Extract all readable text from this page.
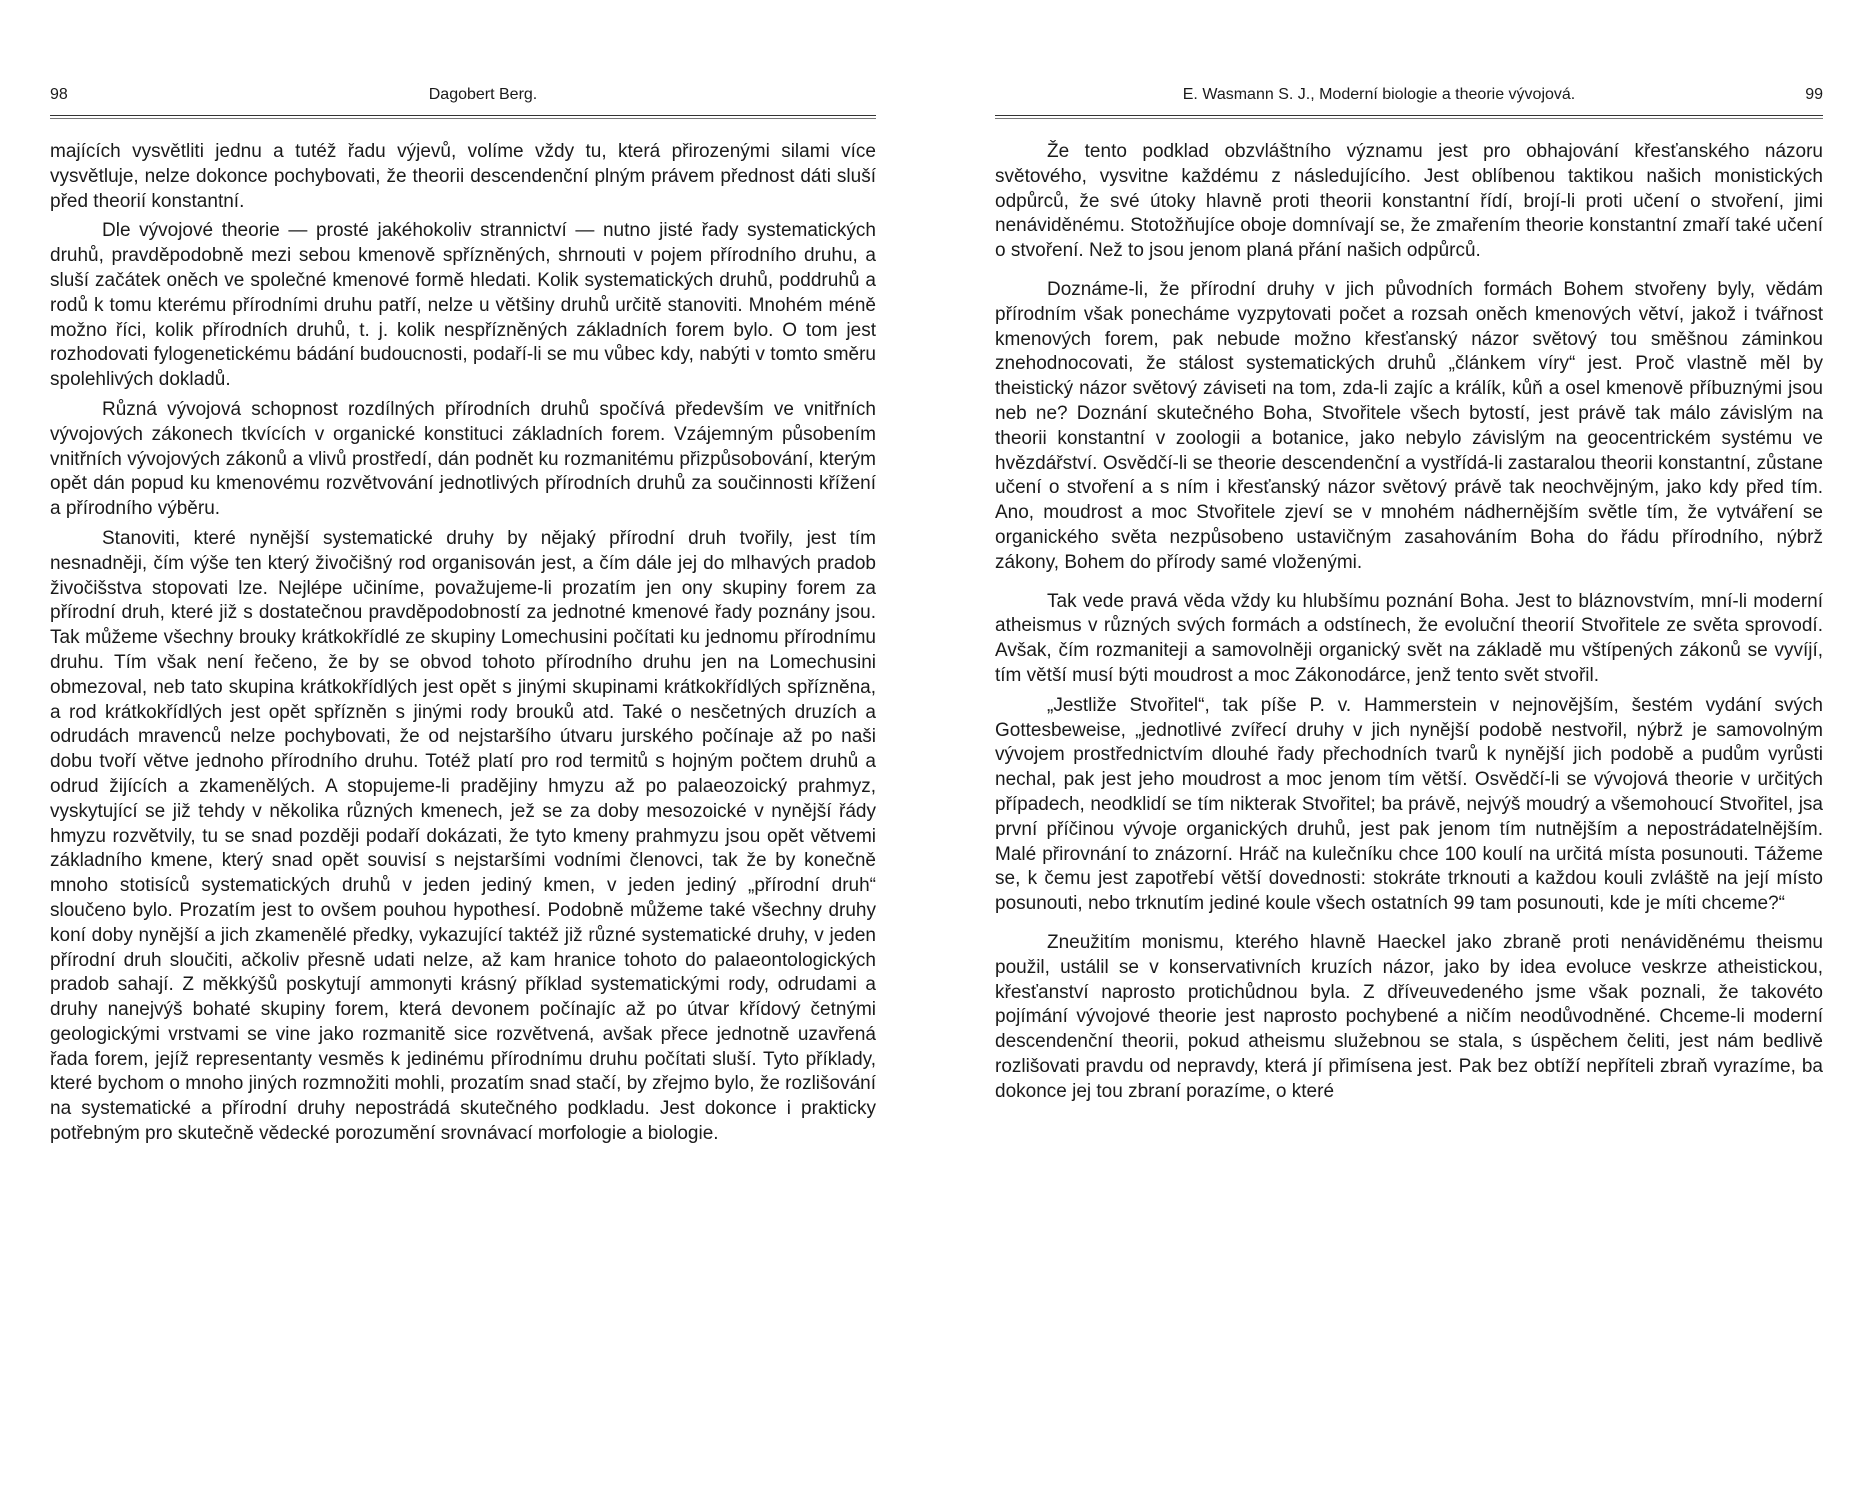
98	Dagobert Berg.

majících vysvětliti jednu a tutéž řadu výjevů, volíme vždy tu, která přirozenými silami více vysvětluje, nelze dokonce pochybovati, že theorii descendenční plným právem přednost dáti sluší před theorií konstantní.

Dle vývojové theorie — prosté jakéhokoliv strannictví — nutno jisté řady systematických druhů, pravděpodobně mezi sebou kmenově spřízněných, shrnouti v pojem přírodního druhu, a sluší začátek oněch ve společné kmenové formě hledati. Kolik systematických druhů, poddruhů a rodů k tomu kterému přírodními druhu patří, nelze u většiny druhů určitě stanoviti. Mnohém méně možno říci, kolik přírodních druhů, t. j. kolik nespřízněných základních forem bylo. O tom jest rozhodovati fylogenetickému bádání budoucnosti, podaří-li se mu vůbec kdy, nabýti v tomto směru spolehlivých dokladů.

Různá vývojová schopnost rozdílných přírodních druhů spočívá především ve vnitřních vývojových zákonech tkvících v organické konstituci základních forem. Vzájemným působením vnitřních vývojových zákonů a vlivů prostředí, dán podnět ku rozmanitému přizpůsobování, kterým opět dán popud ku kmenovému rozvětvování jednotlivých přírodních druhů za součinnosti křížení a přírodního výběru.

Stanoviti, které nynější systematické druhy by nějaký přírodní druh tvořily, jest tím nesnadněji, čím výše ten který živočišný rod organisován jest, a čím dále jej do mlhavých pradob živočišstva stopovati lze. Nejlépe učiníme, považujeme-li prozatím jen ony skupiny forem za přírodní druh, které již s dostatečnou pravděpodobností za jednotné kmenové řady poznány jsou. Tak můžeme všechny brouky krátkokřídlé ze skupiny Lomechusini počítati ku jednomu přírodnímu druhu. Tím však není řečeno, že by se obvod tohoto přírodního druhu jen na Lomechusini obmezoval, neb tato skupina krátkokřídlých jest opět s jinými skupinami krátkokřídlých spřízněna, a rod krátkokřídlých jest opět spřízněn s jinými rody brouků atd. Také o nesčetných druzích a odrudách mravenců nelze pochybovati, že od nejstaršího útvaru jurského počínaje až po naši dobu tvoří větve jednoho přírodního druhu. Totéž platí pro rod termitů s hojným počtem druhů a odrud žijících a zkamenělých. A stopujeme-li pradějiny hmyzu až po palaeozoický prahmyz, vyskytující se již tehdy v několika různých kmenech, jež se za doby mesozoické v nynější řády hmyzu rozvětvily, tu se snad později podaří dokázati, že tyto kmeny prahmyzu jsou opět větvemi základního kmene, který snad opět souvisí s nejstaršími vodními členovci, tak že by konečně mnoho stotisíců systematických druhů v jeden jediný kmen, v jeden jediný „přírodní druh“ sloučeno bylo. Prozatím jest to ovšem pouhou hypothesí. Podobně můžeme také všechny druhy koní doby nynější a jich zkamenělé předky, vykazující taktéž již různé systematické druhy, v jeden přírodní druh sloučiti, ačkoliv přesně udati nelze, až kam hranice tohoto do palaeontologických pradob sahají. Z měkkýšů poskytují ammonyti krásný příklad systematickými rody, odrudami a druhy nanejvýš bohaté skupiny forem, která devonem počínajíc až po útvar křídový četnými geologickými vrstvami se vine jako rozmanitě sice rozvětvená, avšak přece jednotně uzavřená řada forem, jejíž representanty vesměs k jedinému přírodnímu druhu počítati sluší. Tyto příklady, které bychom o mnoho jiných rozmnožiti mohli, prozatím snad stačí, by zřejmo bylo, že rozlišování na systematické a přírodní druhy nepostrádá skutečného podkladu. Jest dokonce i prakticky potřebným pro skutečně vědecké porozumění srovnávací morfologie a biologie.

E. Wasmann S. J., Moderní biologie a theorie vývojová.	99

Že tento podklad obzvláštního významu jest pro obhajování křesťanského názoru světového, vysvitne každému z následujícího. Jest oblíbenou taktikou našich monistických odpůrců, že své útoky hlavně proti theorii konstantní řídí, brojí-li proti učení o stvoření, jimi nenáviděnému. Stotožňujíce oboje domnívají se, že zmařením theorie konstantní zmaří také učení o stvoření. Než to jsou jenom planá přání našich odpůrců.

Doznáme-li, že přírodní druhy v jich původních formách Bohem stvořeny byly, vědám přírodním však ponecháme vyzpytovati počet a rozsah oněch kmenových větví, jakož i tvářnost kmenových forem, pak nebude možno křesťanský názor světový tou směšnou záminkou znehodnocovati, že stálost systematických druhů „článkem víry“ jest. Proč vlastně měl by theistický názor světový záviseti na tom, zda-li zajíc a králík, kůň a osel kmenově příbuznými jsou neb ne? Doznání skutečného Boha, Stvořitele všech bytostí, jest právě tak málo závislým na theorii konstantní v zoologii a botanice, jako nebylo závislým na geocentrickém systému ve hvězdářství. Osvědčí-li se theorie descendenční a vystřídá-li zastaralou theorii konstantní, zůstane učení o stvoření a s ním i křesťanský názor světový právě tak neochvějným, jako kdy před tím. Ano, moudrost a moc Stvořitele zjeví se v mnohém nádhernějším světle tím, že vytváření se organického světa nezpůsobeno ustavičným zasahováním Boha do řádu přírodního, nýbrž zákony, Bohem do přírody samé vloženými.

Tak vede pravá věda vždy ku hlubšímu poznání Boha. Jest to bláznovstvím, mní-li moderní atheismus v různých svých formách a odstínech, že evoluční theorií Stvořitele ze světa sprovodí. Avšak, čím rozmaniteji a samovolněji organický svět na základě mu vštípených zákonů se vyvíjí, tím větší musí býti moudrost a moc Zákonodárce, jenž tento svět stvořil.

„Jestliže Stvořitel“, tak píše P. v. Hammerstein v nejnovějším, šestém vydání svých Gottesbeweise, „jednotlivé zvířecí druhy v jich nynější podobě nestvořil, nýbrž je samovolným vývojem prostřednictvím dlouhé řady přechodních tvarů k nynější jich podobě a pudům vyrůsti nechal, pak jest jeho moudrost a moc jenom tím větší. Osvědčí-li se vývojová theorie v určitých případech, neodklidí se tím nikterak Stvořitel; ba právě, nejvýš moudrý a všemohoucí Stvořitel, jsa první příčinou vývoje organických druhů, jest pak jenom tím nutnějším a nepostrádatelnějším. Malé přirovnání to znázorní. Hráč na kulečníku chce 100 koulí na určitá místa posunouti. Tážeme se, k čemu jest zapotřebí větší dovednosti: stokráte trknouti a každou kouli zvláště na její místo posunouti, nebo trknutím jediné koule všech ostatních 99 tam posunouti, kde je míti chceme?“

Zneužitím monismu, kterého hlavně Haeckel jako zbraně proti nenáviděnému theismu použil, ustálil se v konservativních kruzích názor, jako by idea evoluce veskrze atheistickou, křesťanství naprosto protichůdnou byla. Z dříveuvedeného jsme však poznali, že takovéto pojímání vývojové theorie jest naprosto pochybené a ničím neodůvodněné. Chceme-li moderní descendenční theorii, pokud atheismu služebnou se stala, s úspěchem čeliti, jest nám bedlivě rozlišovati pravdu od nepravdy, která jí přimísena jest. Pak bez obtíží nepříteli zbraň vyrazíme, ba dokonce jej tou zbraní porazíme, o které
